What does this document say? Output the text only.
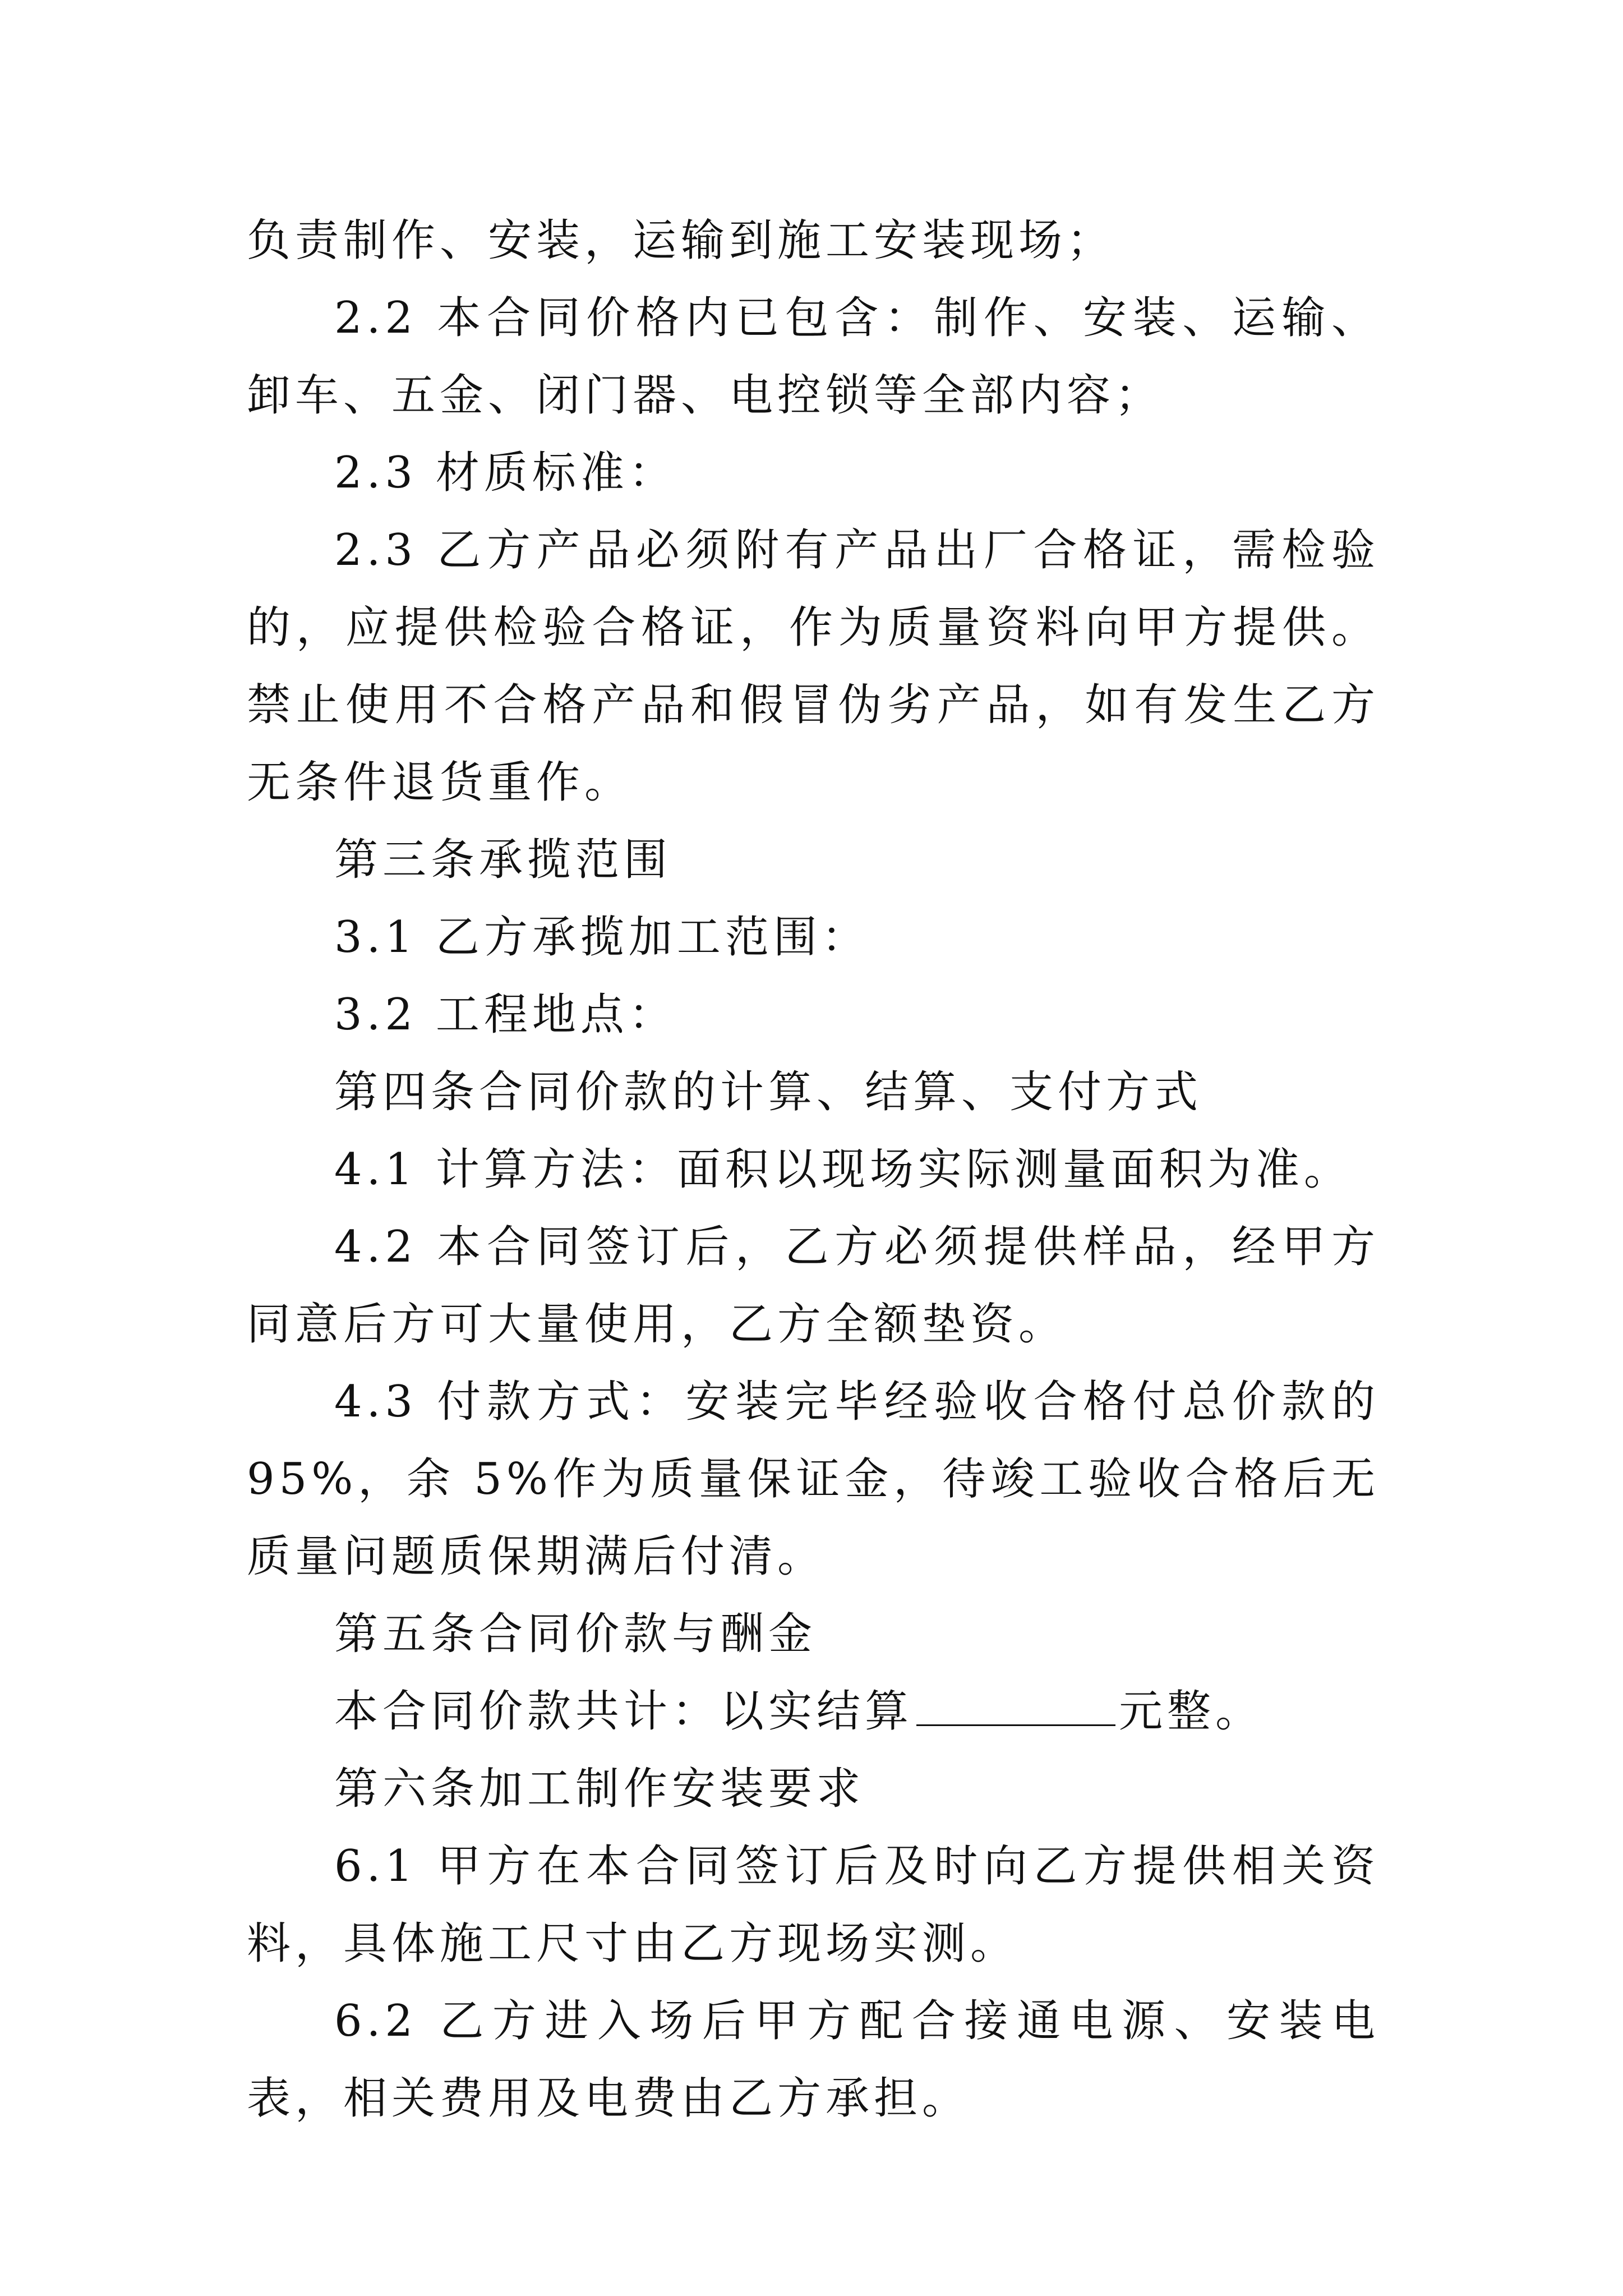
负责制作、安装，运输到施工安装现场；

2.2 本合同价格内已包含：制作、安装、运输、卸车、五金、闭门器、电控锁等全部内容；

2.3 材质标准：

2.3 乙方产品必须附有产品出厂合格证，需检验的，应提供检验合格证，作为质量资料向甲方提供。禁止使用不合格产品和假冒伪劣产品，如有发生乙方无条件退货重作。

第三条承揽范围

3.1 乙方承揽加工范围：

3.2 工程地点：

第四条合同价款的计算、结算、支付方式

4.1 计算方法：面积以现场实际测量面积为准。

4.2 本合同签订后，乙方必须提供样品，经甲方同意后方可大量使用，乙方全额垫资。

4.3 付款方式：安装完毕经验收合格付总价款的 95%，余 5%作为质量保证金，待竣工验收合格后无质量问题质保期满后付清。

第五条合同价款与酬金

本合同价款共计：以实结算	元整。

第六条加工制作安装要求

6.1 甲方在本合同签订后及时向乙方提供相关资料，具体施工尺寸由乙方现场实测。

6.2 乙方进入场后甲方配合接通电源、安装电表，相关费用及电费由乙方承担。
